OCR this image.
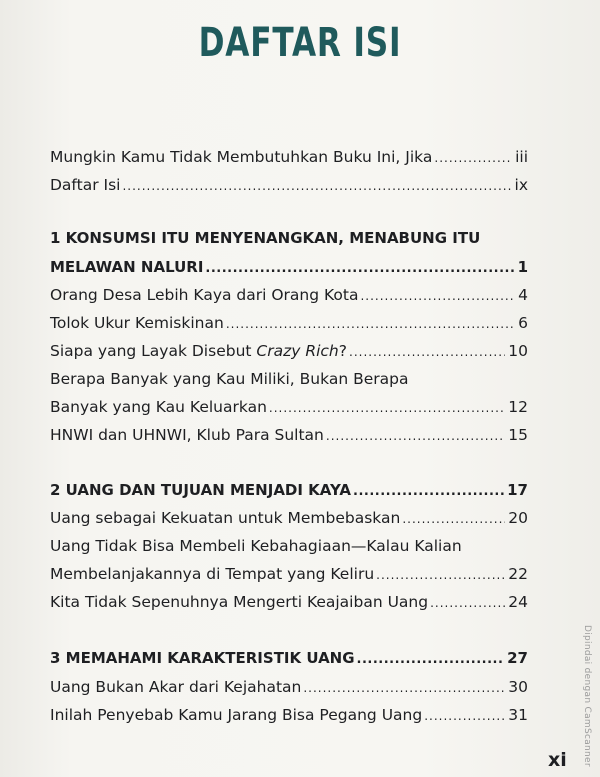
DAFTAR ISI
Mungkin Kamu Tidak Membutuhkan Buku Ini, Jika .....	iii
Daftar Isi .....	ix
1 KONSUMSI ITU MENYENANGKAN, MENABUNG ITU
MELAWAN NALURI .....	1
Orang Desa Lebih Kaya dari Orang Kota .....	4
Tolok Ukur Kemiskinan .....	6
Siapa yang Layak Disebut Crazy Rich? .....	10
Berapa Banyak yang Kau Miliki, Bukan Berapa
Banyak yang Kau Keluarkan .....	12
HNWI dan UHNWI, Klub Para Sultan .....	15
2 UANG DAN TUJUAN MENJADI KAYA .....	17
Uang sebagai Kekuatan untuk Membebaskan .....	20
Uang Tidak Bisa Membeli Kebahagiaan—Kalau Kalian
Membelanjakannya di Tempat yang Keliru .....	22
Kita Tidak Sepenuhnya Mengerti Keajaiban Uang .....	24
3 MEMAHAMI KARAKTERISTIK UANG .....	27
Uang Bukan Akar dari Kejahatan .....	30
Inilah Penyebab Kamu Jarang Bisa Pegang Uang .....	31	Dipindai dengan CamScanner
xi
